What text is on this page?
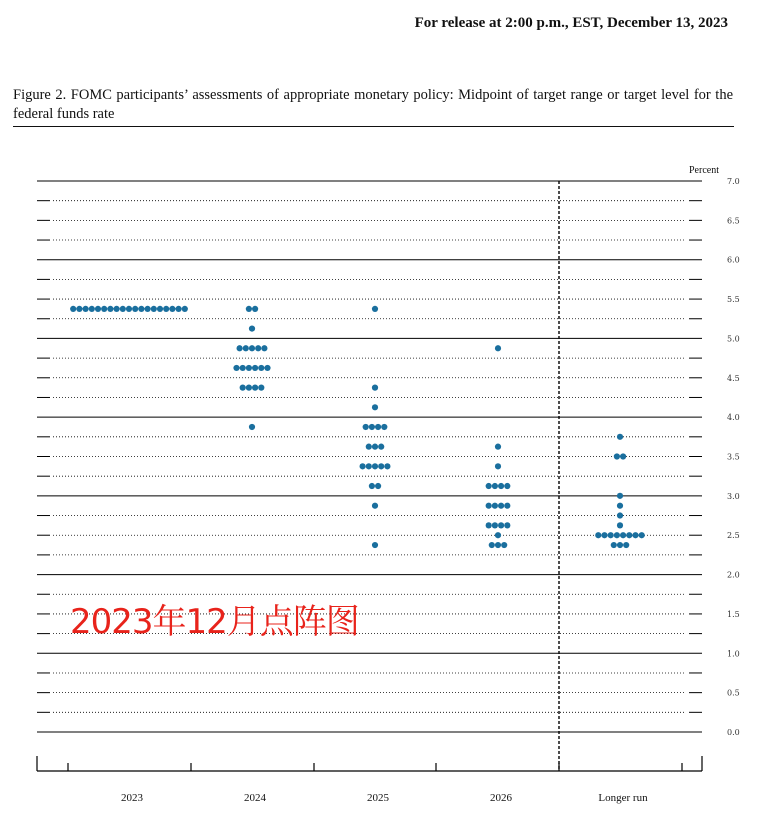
For release at 2:00 p.m., EST, December 13, 2023
Figure 2. FOMC participants’ assessments of appropriate monetary policy: Midpoint of target range or target level for the federal funds rate
0.0
0.5
1.0
1.5
2.0
2.5
3.0
3.5
4.0
4.5
5.0
5.5
6.0
6.5
7.0
Percent
2023	2024	2025	2026	Longer run
2023年12月点阵图
